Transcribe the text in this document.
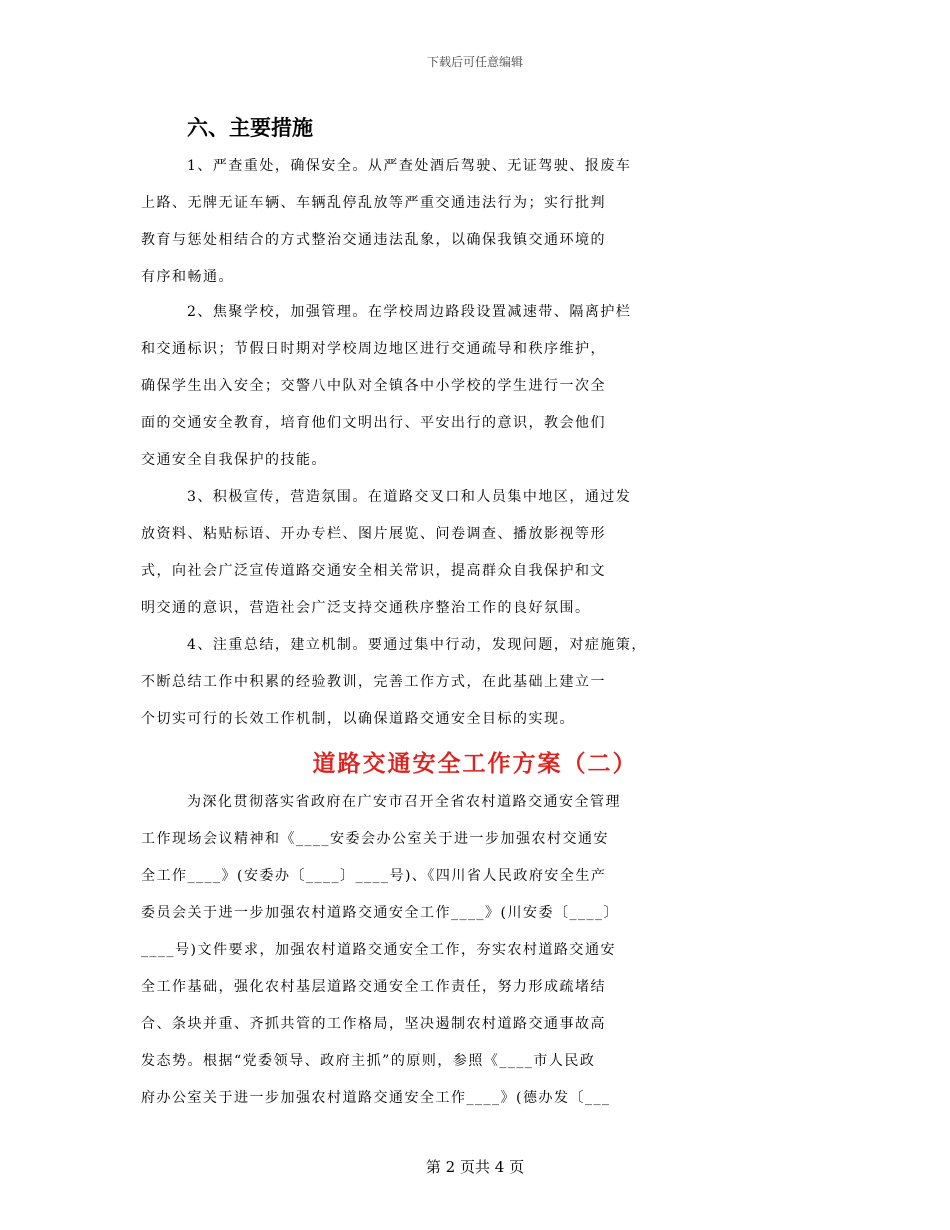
下载后可任意编辑
六、主要措施
1、严查重处，确保安全。从严查处酒后驾驶、无证驾驶、报废车
上路、无牌无证车辆、车辆乱停乱放等严重交通违法行为；实行批判
教育与惩处相结合的方式整治交通违法乱象，以确保我镇交通环境的
有序和畅通。
2、焦聚学校，加强管理。在学校周边路段设置减速带、隔离护栏
和交通标识；节假日时期对学校周边地区进行交通疏导和秩序维护，
确保学生出入安全；交警八中队对全镇各中小学校的学生进行一次全
面的交通安全教育，培育他们文明出行、平安出行的意识，教会他们
交通安全自我保护的技能。
3、积极宣传，营造氛围。在道路交叉口和人员集中地区，通过发
放资料、粘贴标语、开办专栏、图片展览、问卷调查、播放影视等形
式，向社会广泛宣传道路交通安全相关常识，提高群众自我保护和文
明交通的意识，营造社会广泛支持交通秩序整治工作的良好氛围。
4、注重总结，建立机制。要通过集中行动，发现问题，对症施策，
不断总结工作中积累的经验教训，完善工作方式，在此基础上建立一
个切实可行的长效工作机制，以确保道路交通安全目标的实现。
道路交通安全工作方案（二）
为深化贯彻落实省政府在广安市召开全省农村道路交通安全管理
工作现场会议精神和《____安委会办公室关于进一步加强农村交通安
全工作____》(安委办〔____〕____号)、《四川省人民政府安全生产
委员会关于进一步加强农村道路交通安全工作____》(川安委〔____〕
____号)文件要求，加强农村道路交通安全工作，夯实农村道路交通安
全工作基础，强化农村基层道路交通安全工作责任，努力形成疏堵结
合、条块并重、齐抓共管的工作格局，坚决遏制农村道路交通事故高
发态势。根据“党委领导、政府主抓”的原则，参照《____市人民政
府办公室关于进一步加强农村道路交通安全工作____》(德办发〔___
第 2 页共 4 页
